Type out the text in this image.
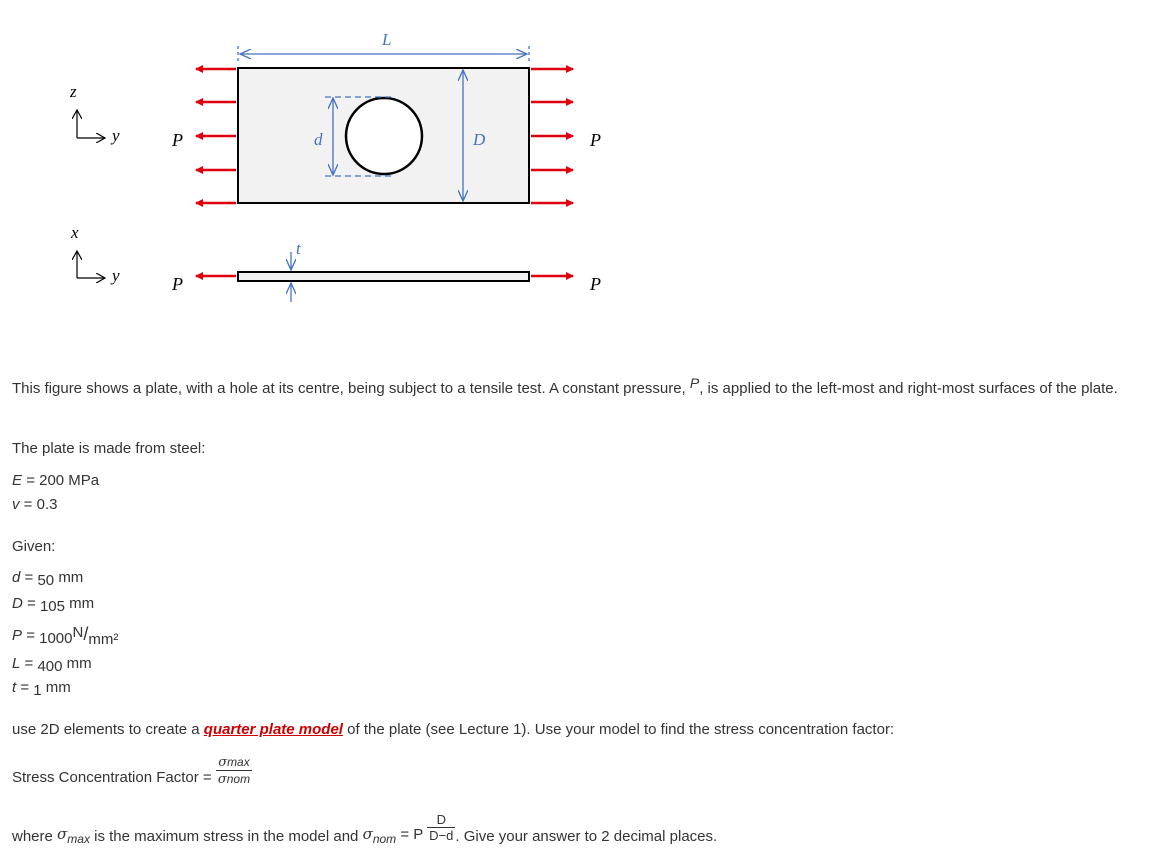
z
y
x
y
d	D
L
P	P
t
P	P
This figure shows a plate, with a hole at its centre, being subject to a tensile test. A constant pressure, P, is applied to the left-most and right-most surfaces of the plate.
The plate is made from steel:
E = 200 MPa
v = 0.3
Given:
d = 50 mm
D = 105 mm
P = 1000N/mm²
L = 400 mm
t = 1 mm
use 2D elements to create a quarter plate model of the plate (see Lecture 1). Use your model to find the stress concentration factor:
Stress Concentration Factor = $\frac{\sigma\max}{\text{σnom}}$
where $\sigma_{max}$ is the maximum stress in the model and $\sigma_{nom} = P \frac{D}{D-d}$ . Give your answer to 2 decimal places.
